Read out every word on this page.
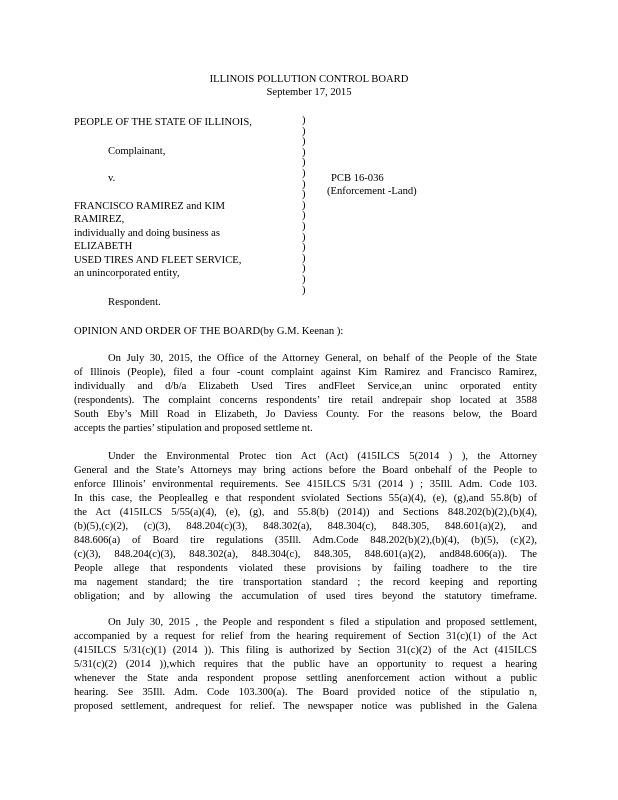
ILLINOIS POLLUTION CONTROL BOARD
September 17, 2015
PEOPLE OF THE STATE OF ILLINOIS,
Complainant,
v.	PCB 16-036
(Enforcement -Land)
FRANCISCO RAMIREZ and KIM
RAMIREZ,
individually and doing business as
ELIZABETH
USED TIRES AND FLEET SERVICE,
an unincorporated entity,
)
)
)
)
)
)
)
)
)
)
)
)
)
)
)
)
)
Respondent.
OPINION AND ORDER OF THE BOARD(by G.M. Keenan ):
On July 30, 2015, the Office of the Attorney General, on behalf of the People of the State
of Illinois (People), filed a four -count complaint against Kim Ramirez and Francisco Ramirez,
individually and d/b/a Elizabeth Used Tires andFleet Service,an uninc orporated entity
(respondents). The complaint concerns respondents’ tire retail andrepair shop located at 3588
South Eby’s Mill Road in Elizabeth, Jo Daviess County. For the reasons below, the Board
accepts the parties’ stipulation and proposed settleme nt.
Under the Environmental Protec tion Act (Act) (415ILCS 5(2014 ) ), the Attorney
General and the State’s Attorneys may bring actions before the Board onbehalf of the People to
enforce Illinois’ environmental requirements. See 415ILCS 5/31 (2014 ) ; 35Ill. Adm. Code 103.
In this case, the Peoplealleg e that respondent sviolated Sections 55(a)(4), (e), (g),and 55.8(b) of
the Act (415ILCS 5/55(a)(4), (e), (g), and 55.8(b) (2014)) and Sections 848.202(b)(2),(b)(4),
(b)(5),(c)(2), (c)(3), 848.204(c)(3), 848.302(a), 848.304(c), 848.305, 848.601(a)(2), and
848.606(a) of Board tire regulations (35Ill. Adm.Code 848.202(b)(2),(b)(4), (b)(5), (c)(2),
(c)(3), 848.204(c)(3), 848.302(a), 848.304(c), 848.305, 848.601(a)(2), and848.606(a)). The
People allege that respondents violated these provisions by failing toadhere to the tire
ma nagement standard; the tire transportation standard ; the record keeping and reporting
obligation; and by allowing the accumulation of used tires beyond the statutory timeframe.
On July 30, 2015 , the People and respondent s filed a stipulation and proposed settlement,
accompanied by a request for relief from the hearing requirement of Section 31(c)(1) of the Act
(415ILCS 5/31(c)(1) (2014 )). This filing is authorized by Section 31(c)(2) of the Act (415ILCS
5/31(c)(2) (2014 )),which requires that the public have an opportunity to request a hearing
whenever the State anda respondent propose settling anenforcement action without a public
hearing. See 35Ill. Adm. Code 103.300(a). The Board provided notice of the stipulatio n,
proposed settlement, andrequest for relief. The newspaper notice was published in the Galena
